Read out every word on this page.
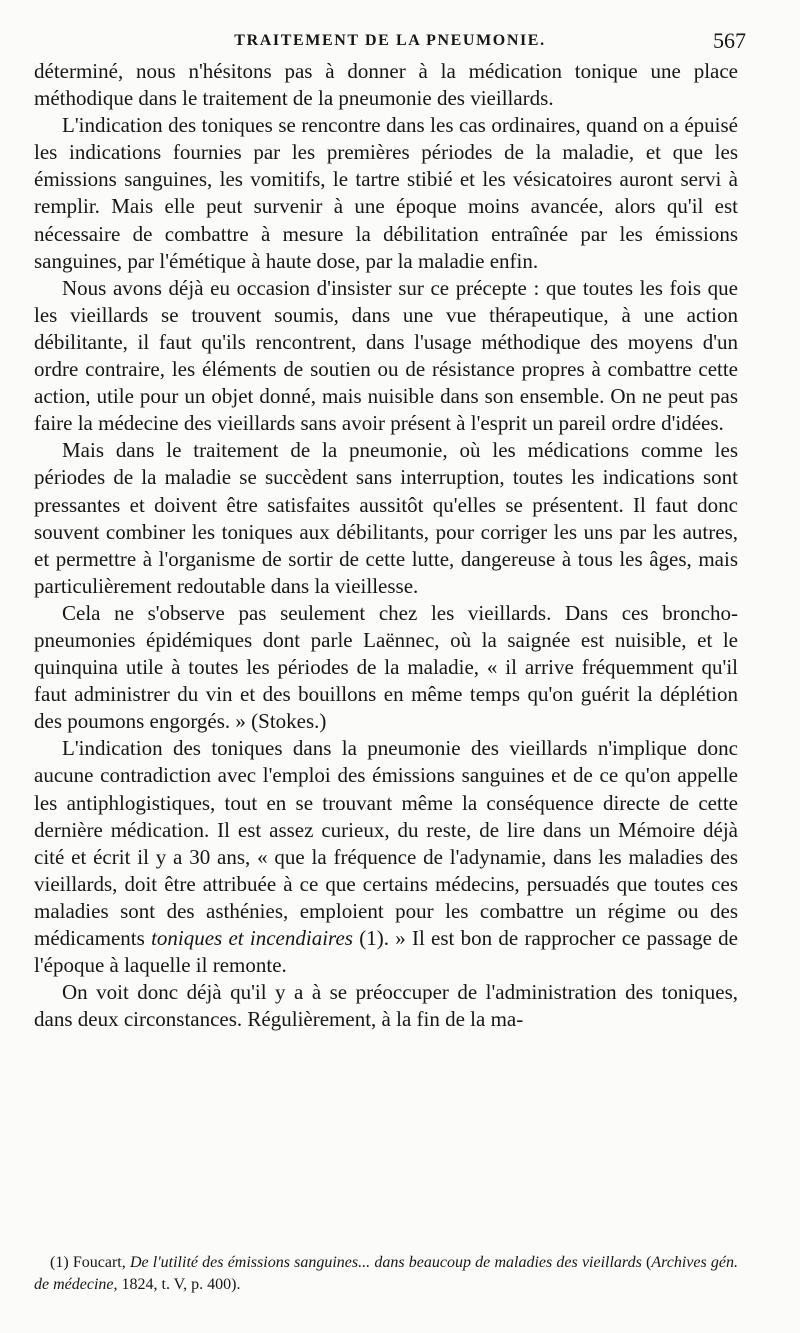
TRAITEMENT DE LA PNEUMONIE.	567

déterminé, nous n'hésitons pas à donner à la médication tonique une place méthodique dans le traitement de la pneumonie des vieillards.

L'indication des toniques se rencontre dans les cas ordinaires, quand on a épuisé les indications fournies par les premières périodes de la maladie, et que les émissions sanguines, les vomitifs, le tartre stibié et les vésicatoires auront servi à remplir. Mais elle peut survenir à une époque moins avancée, alors qu'il est nécessaire de combattre à mesure la débilitation entraînée par les émissions sanguines, par l'émétique à haute dose, par la maladie enfin.

Nous avons déjà eu occasion d'insister sur ce précepte : que toutes les fois que les vieillards se trouvent soumis, dans une vue thérapeutique, à une action débilitante, il faut qu'ils rencontrent, dans l'usage méthodique des moyens d'un ordre contraire, les éléments de soutien ou de résistance propres à combattre cette action, utile pour un objet donné, mais nuisible dans son ensemble. On ne peut pas faire la médecine des vieillards sans avoir présent à l'esprit un pareil ordre d'idées.

Mais dans le traitement de la pneumonie, où les médications comme les périodes de la maladie se succèdent sans interruption, toutes les indications sont pressantes et doivent être satisfaites aussitôt qu'elles se présentent. Il faut donc souvent combiner les toniques aux débilitants, pour corriger les uns par les autres, et permettre à l'organisme de sortir de cette lutte, dangereuse à tous les âges, mais particulièrement redoutable dans la vieillesse.

Cela ne s'observe pas seulement chez les vieillards. Dans ces broncho-pneumonies épidémiques dont parle Laënnec, où la saignée est nuisible, et le quinquina utile à toutes les périodes de la maladie, « il arrive fréquemment qu'il faut administrer du vin et des bouillons en même temps qu'on guérit la déplétion des poumons engorgés. » (Stokes.)

L'indication des toniques dans la pneumonie des vieillards n'implique donc aucune contradiction avec l'emploi des émissions sanguines et de ce qu'on appelle les antiphlogistiques, tout en se trouvant même la conséquence directe de cette dernière médication. Il est assez curieux, du reste, de lire dans un Mémoire déjà cité et écrit il y a 30 ans, « que la fréquence de l'adynamie, dans les maladies des vieillards, doit être attribuée à ce que certains médecins, persuadés que toutes ces maladies sont des asthénies, emploient pour les combattre un régime ou des médicaments toniques et incendiaires (1). » Il est bon de rapprocher ce passage de l'époque à laquelle il remonte.

On voit donc déjà qu'il y a à se préoccuper de l'administration des toniques, dans deux circonstances. Régulièrement, à la fin de la ma-

(1) Foucart, De l'utilité des émissions sanguines... dans beaucoup de maladies des vieillards (Archives gén. de médecine, 1824, t. V, p. 400).
